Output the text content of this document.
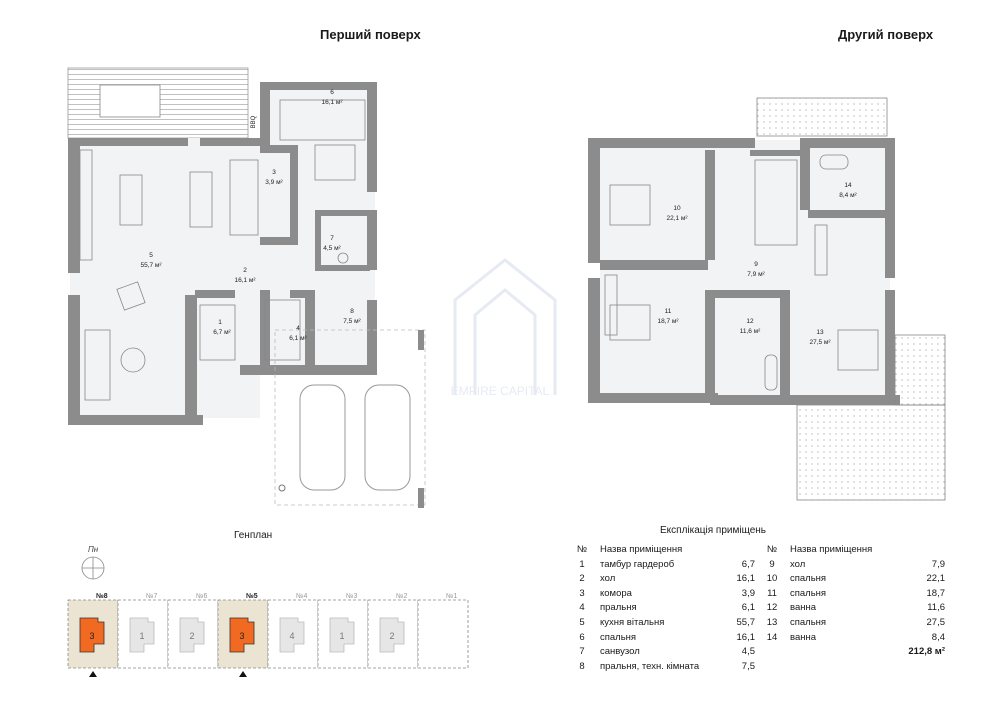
Перший поверх	Другий поверх
EMPIRE CAPITAL
BBQ
1
6,7 м²
2
16,1 м²
3
3,9 м²
4
6,1 м²
5
55,7 м²
6
16,1 м²
7
4,5 м²
8
7,5 м²
9
7,9 м²
10
22,1 м²
11
18,7 м²	12
11,6 м²	13
27,5 м²
14
8,4 м²
Генплан
Пн
№8
3
№7
1
№6
2
№5
3
№4
4
№3
1
№2
2
№1
Експлікація приміщень
№	Назва приміщення	
1	тамбур гардероб	6,7
2	хол	16,1
3	комора	3,9
4	пральня	6,1
5	кухня вітальня	55,7
6	спальня	16,1
7	санвузол	4,5
8	пральня, техн. кімната	7,5
№	Назва приміщення	
9	хол	7,9
10	спальня	22,1
11	спальня	18,7
12	ванна	11,6
13	спальня	27,5
14	ванна	8,4
		212,8 м²
